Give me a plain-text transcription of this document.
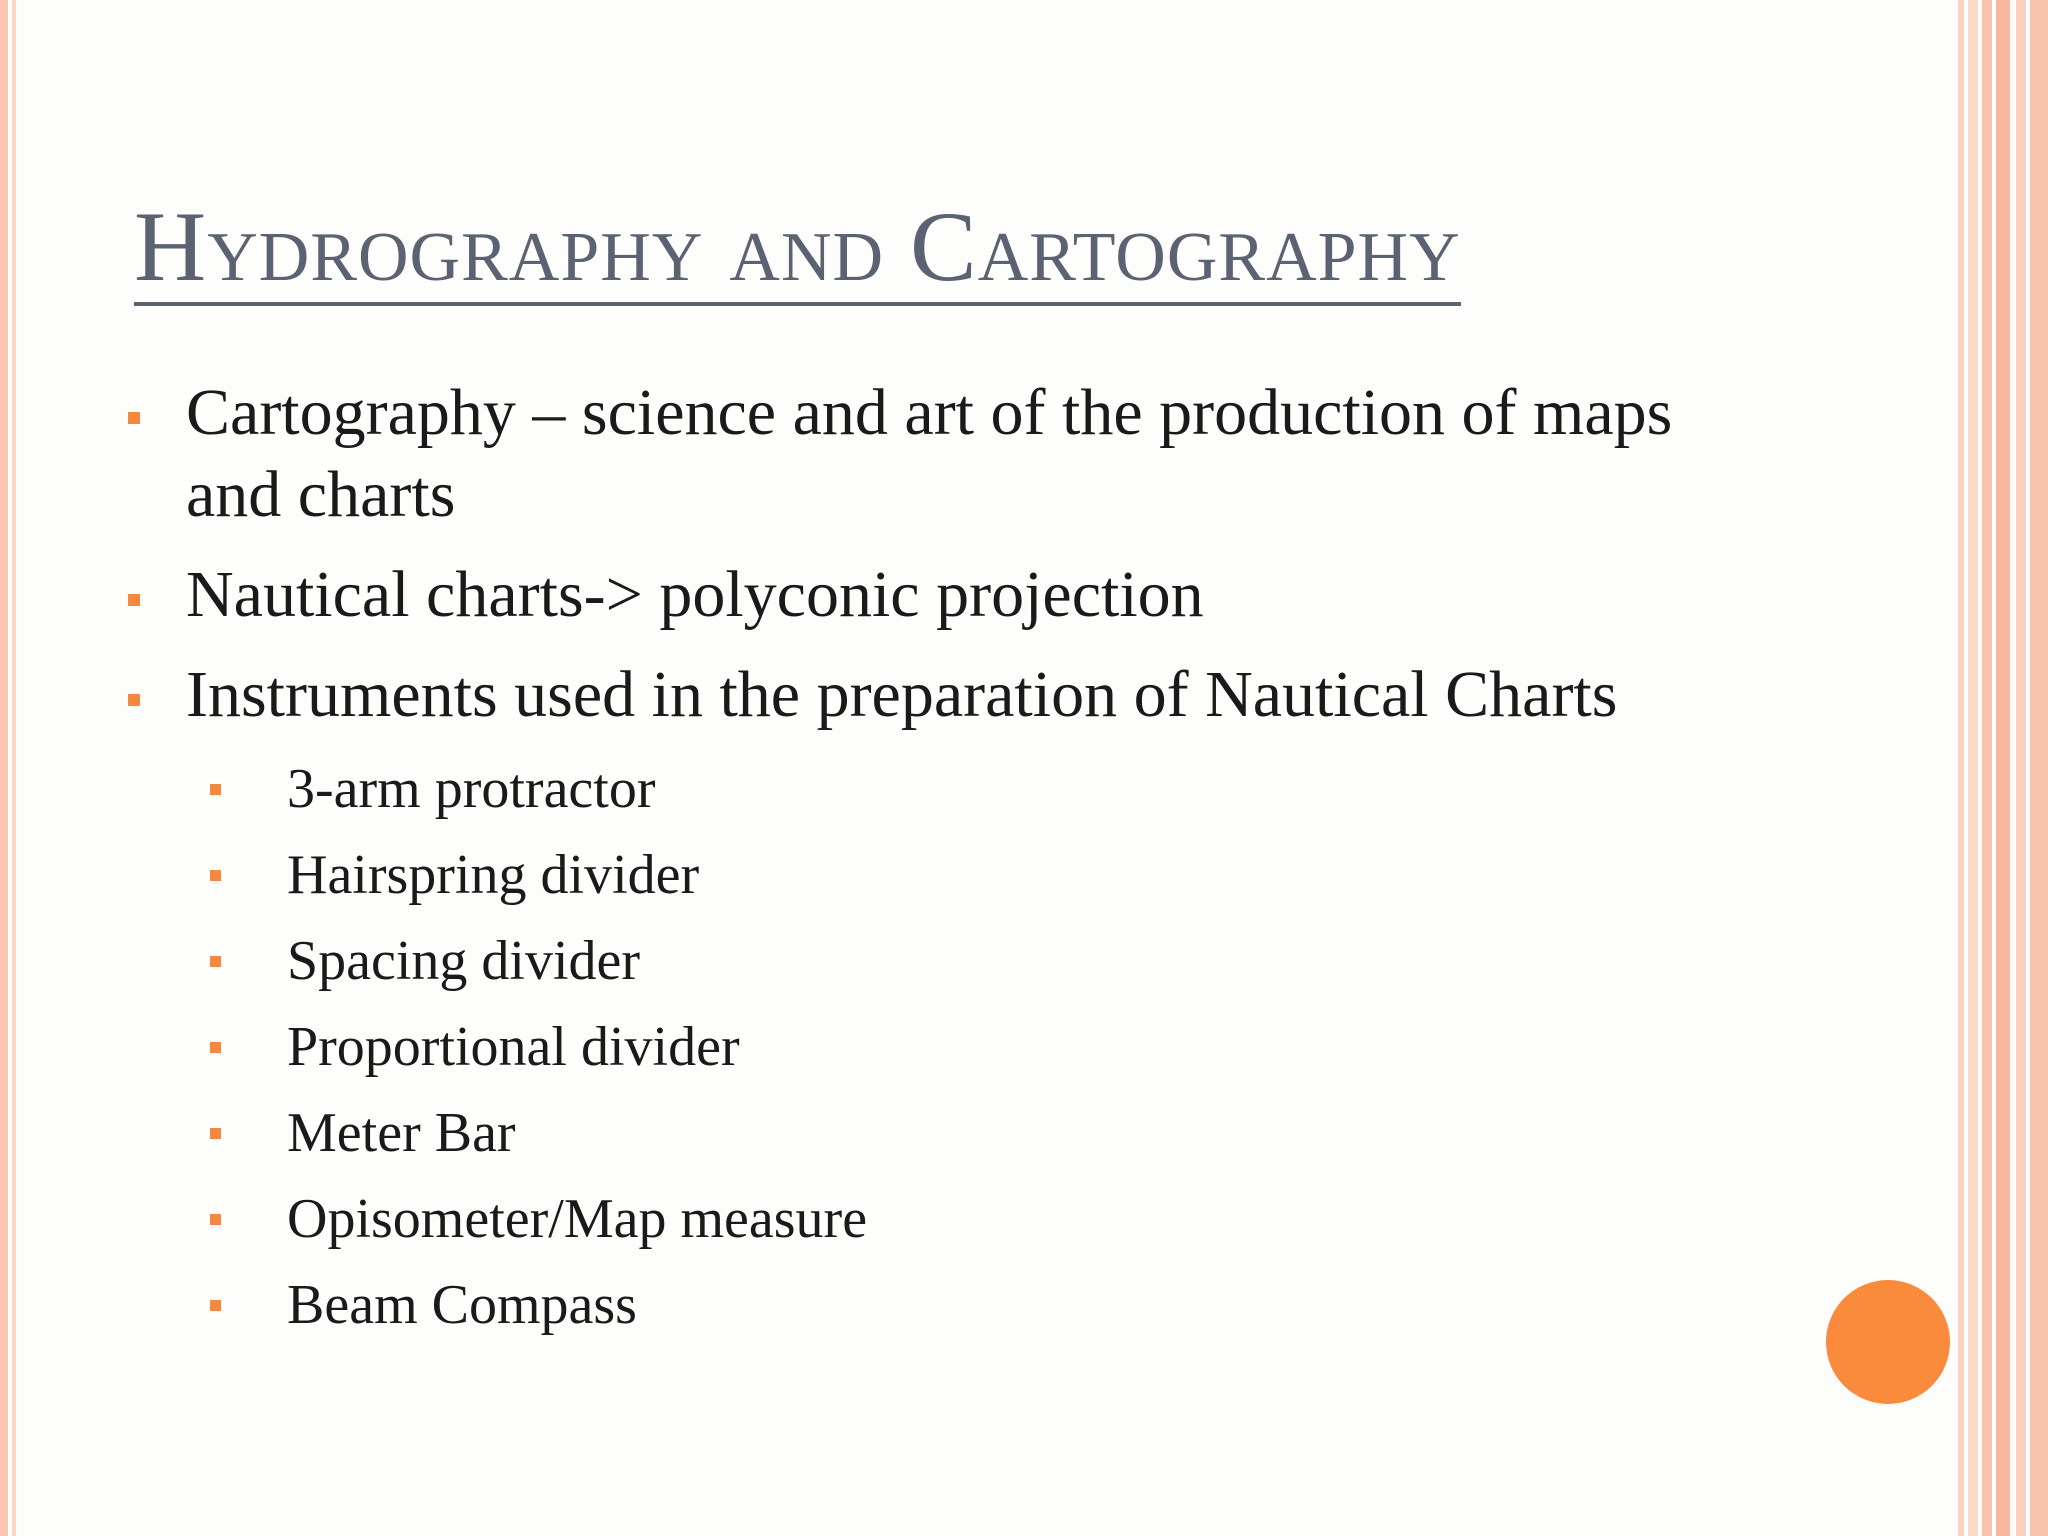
Hydrography and Cartography
Cartography – science and art of the production of maps and charts
Nautical charts-> polyconic projection
Instruments used in the preparation of Nautical Charts
3-arm protractor
Hairspring divider
Spacing divider
Proportional divider
Meter Bar
Opisometer/Map measure
Beam Compass
